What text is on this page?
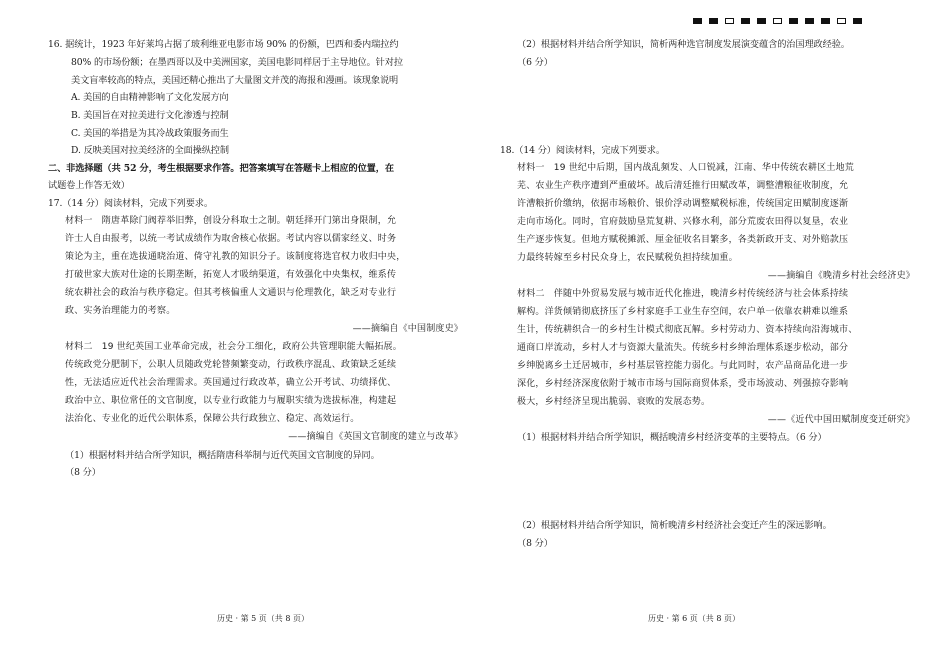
16. 据统计，1923 年好莱坞占据了玻利维亚电影市场 90% 的份额，巴西和委内瑞拉约
80% 的市场份额；在墨西哥以及中美洲国家，美国电影同样居于主导地位。针对拉
美文盲率较高的特点，美国还精心推出了大量图文并茂的海报和漫画。该现象说明
A. 美国的自由精神影响了文化发展方向
B. 美国旨在对拉美进行文化渗透与控制
C. 美国的举措是为其冷战政策服务而生
D. 反映美国对拉美经济的全面操纵控制
二、非选择题（共 52 分，考生根据要求作答。把答案填写在答题卡上相应的位置，在
试题卷上作答无效）
17.（14 分）阅读材料，完成下列要求。
材料一　隋唐革除门阀荐举旧弊，创设分科取士之制。朝廷择开门第出身限制，允
许士人自由报考，以统一考试成绩作为取舍核心依据。考试内容以儒家经义、时务
策论为主，重在选拔通晓治道、倚守礼教的知识分子。该制度将选官权力收归中央，
打破世家大族对仕途的长期垄断，拓宽人才吸纳渠道，有效强化中央集权，维系传
统农耕社会的政治与秩序稳定。但其考核偏重人文通识与伦理教化，缺乏对专业行
政、实务治理能力的考察。
——摘编自《中国制度史》
材料二　19 世纪英国工业革命完成，社会分工细化，政府公共管理职能大幅拓展。
传统政党分肥制下，公职人员随政党轮替频繁变动，行政秩序混乱、政策缺乏延续
性，无法适应近代社会治理需求。英国通过行政改革，确立公开考试、功绩择优、
政治中立、职位常任的文官制度，以专业行政能力与履职实绩为选拔标准，构建起
法治化、专业化的近代公职体系，保障公共行政独立、稳定、高效运行。
——摘编自《英国文官制度的建立与改革》
（1）根据材料并结合所学知识，概括隋唐科举制与近代英国文官制度的异同。
（8 分）
历史 · 第 5 页（共 8 页）
（2）根据材料并结合所学知识，简析两种选官制度发展演变蕴含的治国理政经验。
（6 分）
18.（14 分）阅读材料，完成下列要求。
材料一　19 世纪中后期，国内战乱频发、人口锐减，江南、华中传统农耕区土地荒
芜、农业生产秩序遭到严重破坏。战后清廷推行田赋改革，调整漕粮征收制度，允
许漕粮折价缴纳，依据市场粮价、银价浮动调整赋税标准，传统国定田赋制度逐渐
走向市场化。同时，官府鼓励垦荒复耕、兴修水利，部分荒废农田得以复垦，农业
生产逐步恢复。但地方赋税摊派、厘金征收名目繁多，各类新政开支、对外赔款压
力最终转嫁至乡村民众身上，农民赋税负担持续加重。
——摘编自《晚清乡村社会经济史》
材料二　伴随中外贸易发展与城市近代化推进，晚清乡村传统经济与社会体系持续
解构。洋货倾销彻底挤压了乡村家庭手工业生存空间，农户单一依靠农耕难以维系
生计，传统耕织合一的乡村生计模式彻底瓦解。乡村劳动力、资本持续向沿海城市、
通商口岸流动，乡村人才与资源大量流失。传统乡村乡绅治理体系逐步松动，部分
乡绅脱离乡土迁居城市，乡村基层管控能力弱化。与此同时，农产品商品化进一步
深化，乡村经济深度依附于城市市场与国际商贸体系，受市场波动、列强掠夺影响
极大，乡村经济呈现出脆弱、衰败的发展态势。
——《近代中国田赋制度变迁研究》
（1）根据材料并结合所学知识，概括晚清乡村经济变革的主要特点。（6 分）
（2）根据材料并结合所学知识，简析晚清乡村经济社会变迁产生的深远影响。
（8 分）
历史 · 第 6 页（共 8 页）
